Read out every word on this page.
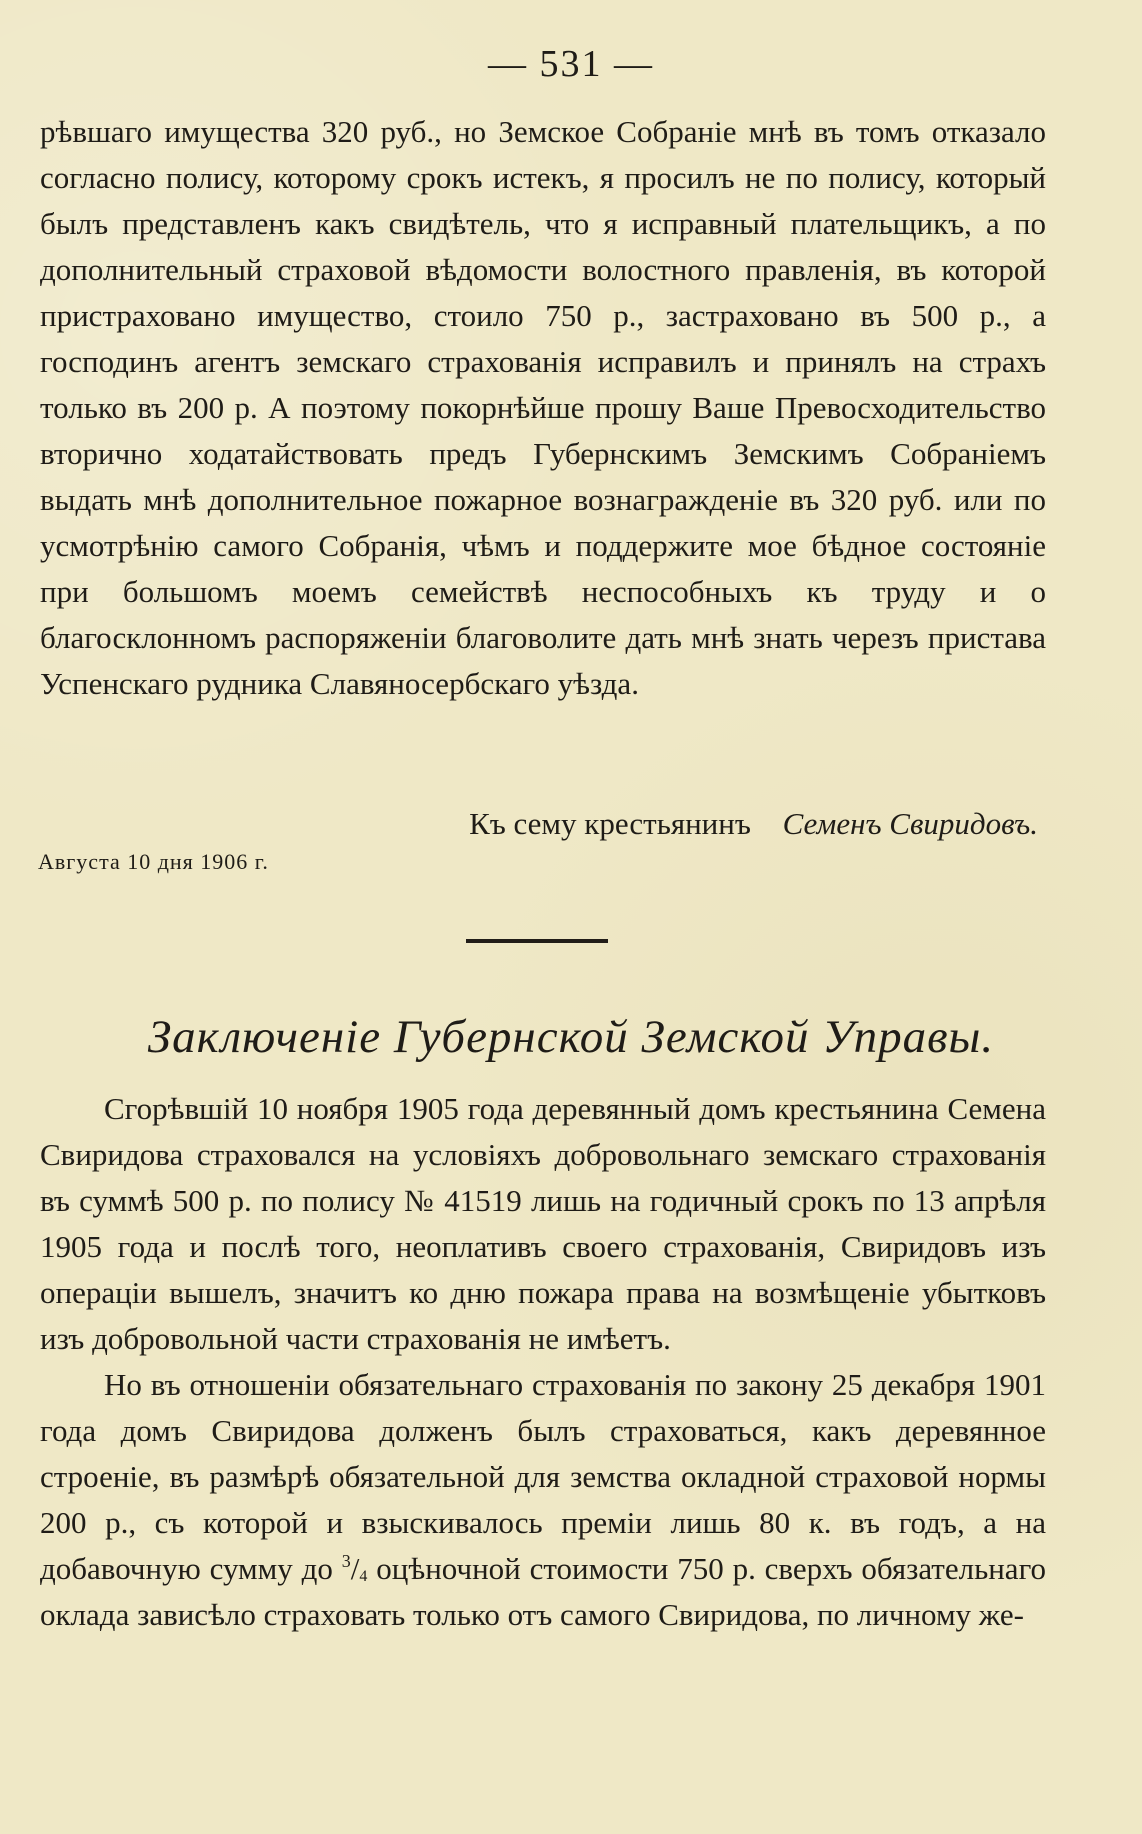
— 531 —

рѣвшаго имущества 320 руб., но Земское Собраніе мнѣ въ томъ отказало согласно полису, которому срокъ истекъ, я просилъ не по полису, который былъ представленъ какъ свидѣтель, что я исправный плательщикъ, а по дополнительный страховой вѣдомости волостного правленія, въ которой пристраховано имущество, стоило 750 р., застраховано въ 500 р., а господинъ агентъ земскаго страхованія исправилъ и принялъ на страхъ только въ 200 р. А поэтому покорнѣйше прошу Ваше Превосходительство вторично ходатайствовать предъ Губернскимъ Земскимъ Собраніемъ выдать мнѣ дополнительное пожарное вознагражденіе въ 320 руб. или по усмотрѣнію самого Собранія, чѣмъ и поддержите мое бѣдное состояніе при большомъ моемъ семействѣ неспособныхъ къ труду и о благосклонномъ распоряженіи благоволите дать мнѣ знать черезъ пристава Успенскаго рудника Славяносербскаго уѣзда.

Къ сему крестьянинъ Семенъ Свиридовъ.
Августа 10 дня 1906 г.
Заключеніе Губернской Земской Управы.

Сгорѣвшій 10 ноября 1905 года деревянный домъ крестьянина Семена Свиридова страховался на условіяхъ добровольнаго земскаго страхованія въ суммѣ 500 р. по полису № 41519 лишь на годичный срокъ по 13 апрѣля 1905 года и послѣ того, неоплативъ своего страхованія, Свиридовъ изъ операціи вышелъ, значитъ ко дню пожара права на возмѣщеніе убытковъ изъ добровольной части страхованія не имѣетъ.

Но въ отношеніи обязательнаго страхованія по закону 25 декабря 1901 года домъ Свиридова долженъ былъ страховаться, какъ деревянное строеніе, въ размѣрѣ обязательной для земства окладной страховой нормы 200 р., съ которой и взыскивалось преміи лишь 80 к. въ годъ, а на добавочную сумму до $^3$/4 оцѣночной стоимости 750 р. сверхъ обязательнаго оклада зависѣло страховать только отъ самого Свиридова, по личному же-
